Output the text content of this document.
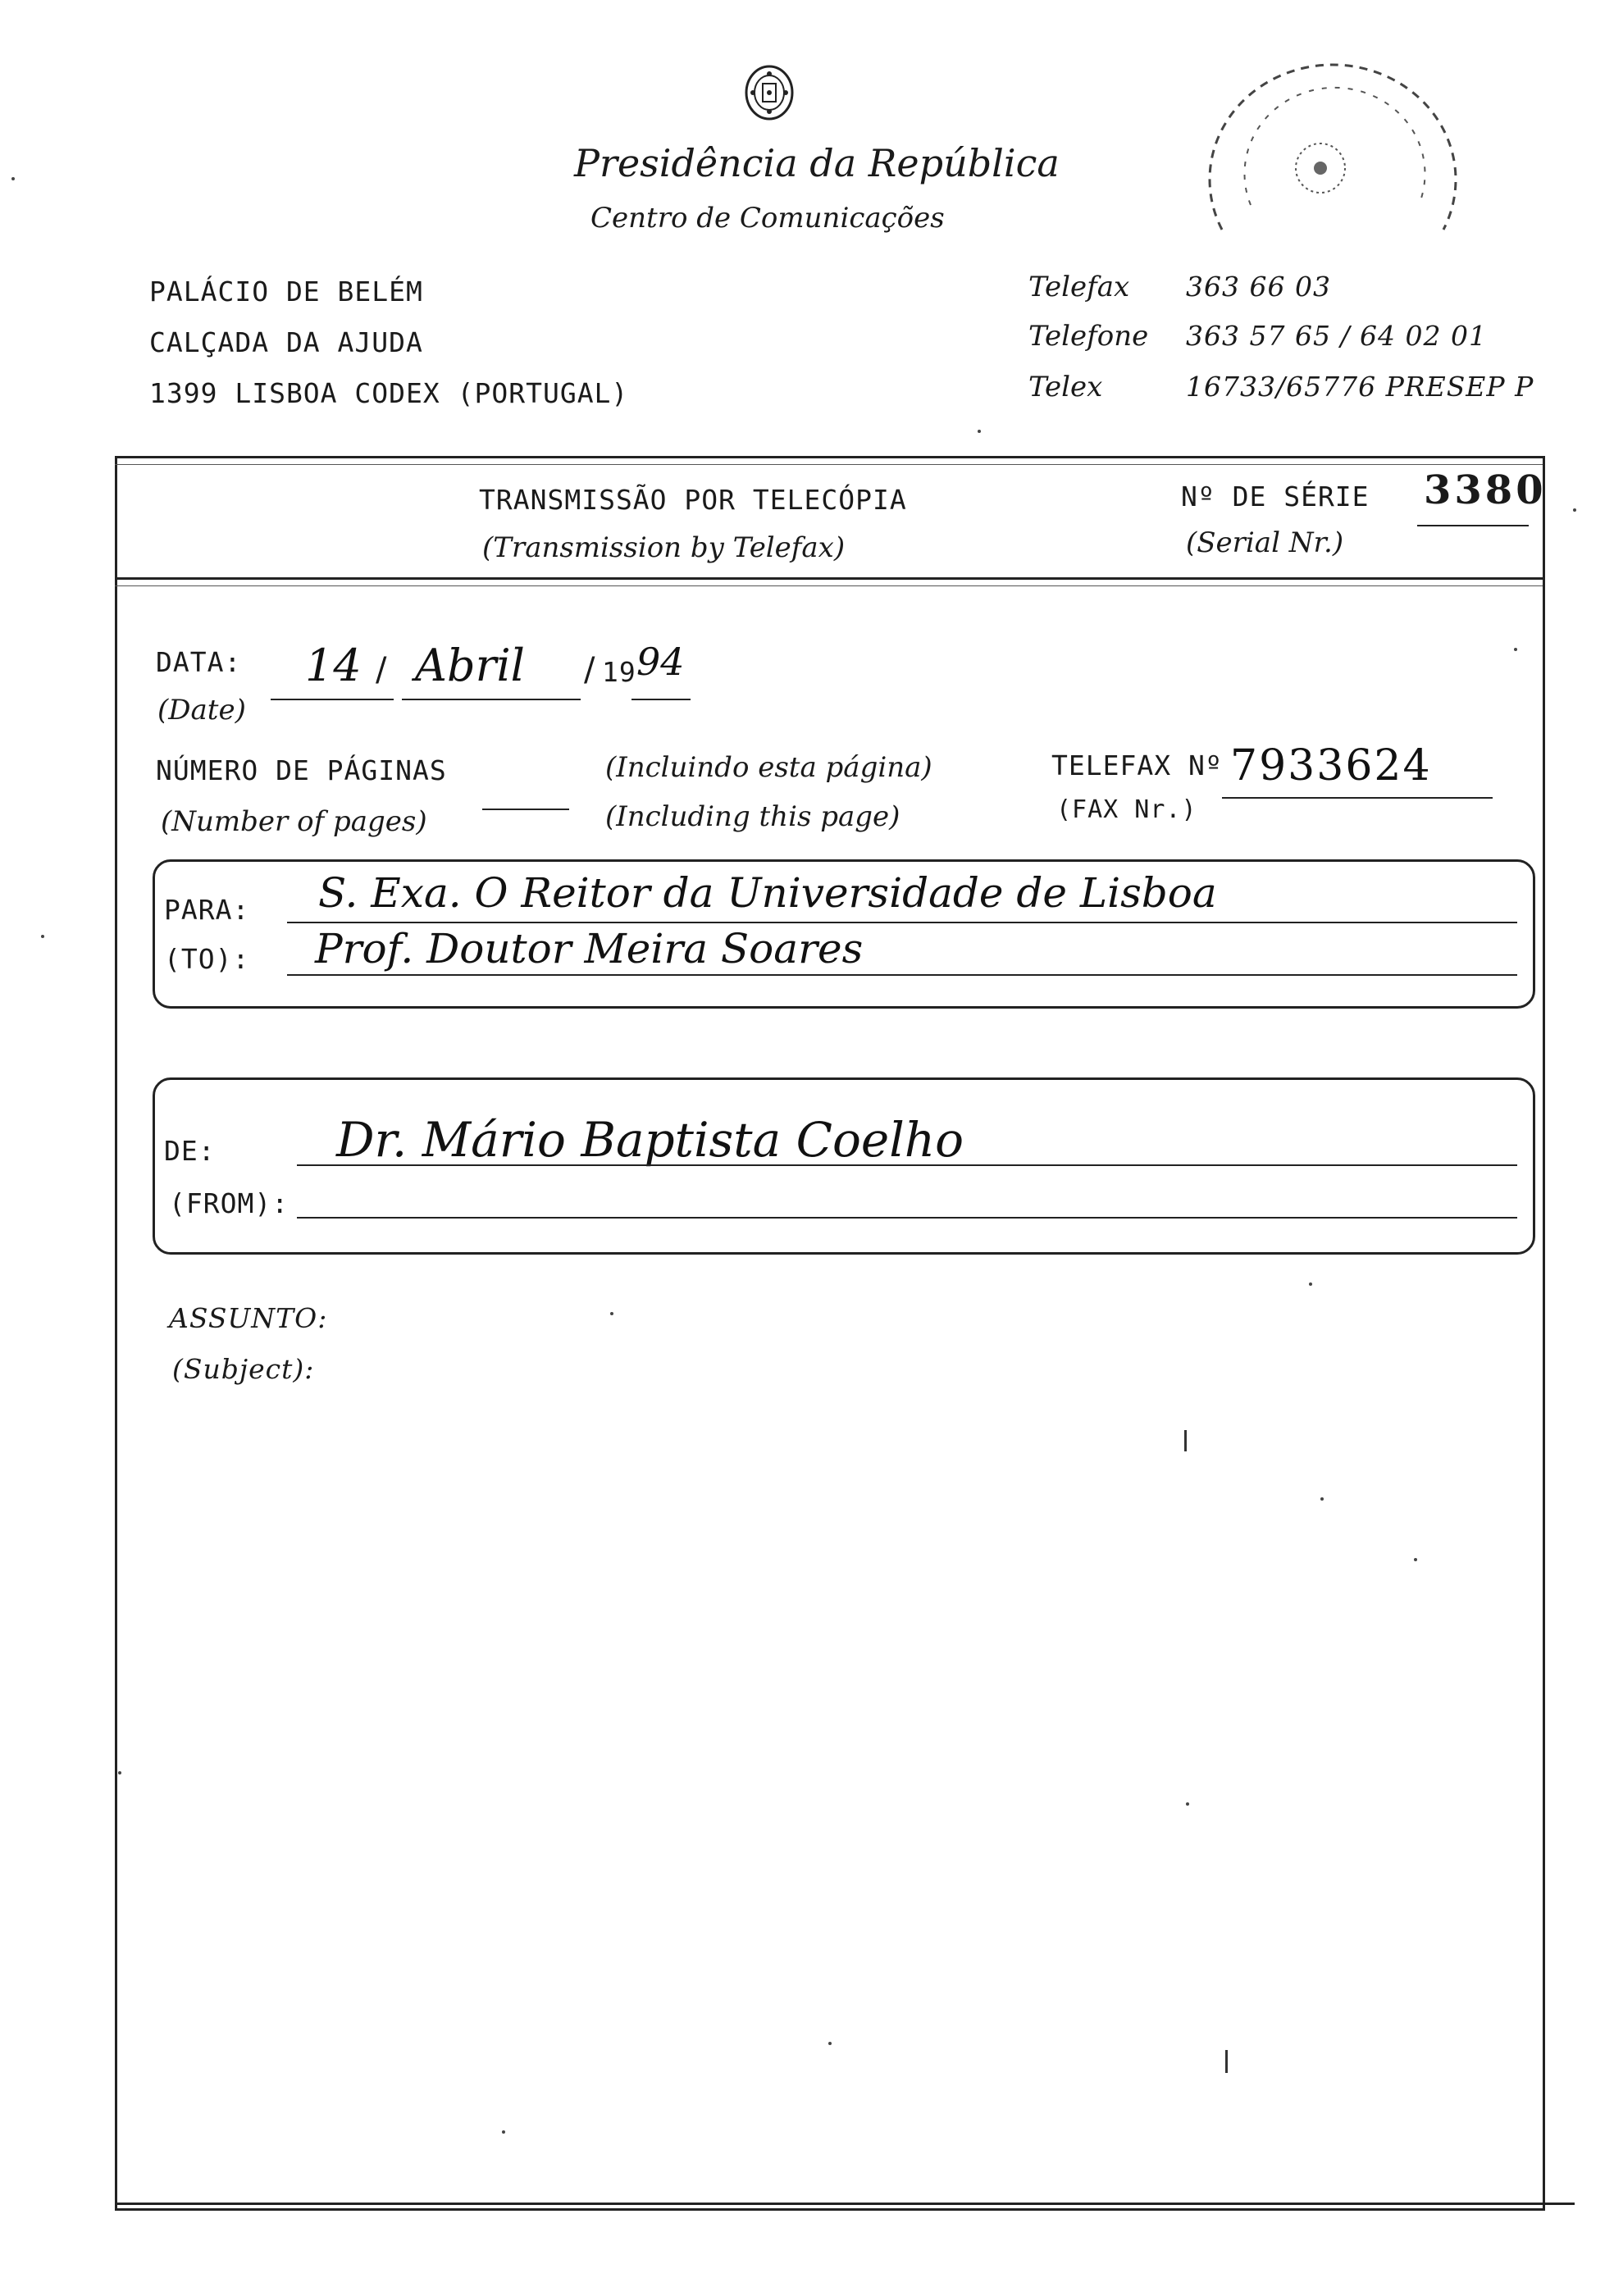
Presidência da República
Centro de Comunicações
PALÁCIO DE BELÉM
CALÇADA DA AJUDA
1399 LISBOA CODEX (PORTUGAL)
Telefax 363 66 03
Telefone 363 57 65 / 64 02 01
Telex	16733/65776 PRESEP P
TRANSMISSÃO POR TELECÓPIA
(Transmission by Telefax)
Nº DE SÉRIE
(Serial Nr.)
3380
DATA:
(Date)
14 / Abril / 19 94
NÚMERO DE PÁGINAS
(Number of pages)
(Incluindo esta página)
(Including this page)
TELEFAX Nº
(FAX Nr.)
7933624
PARA:
(TO):
S. Exa. O Reitor da Universidade de Lisboa
Prof. Doutor Meira Soares
DE:
(FROM):
Dr. Mário Baptista Coelho
ASSUNTO:
(Subject):
